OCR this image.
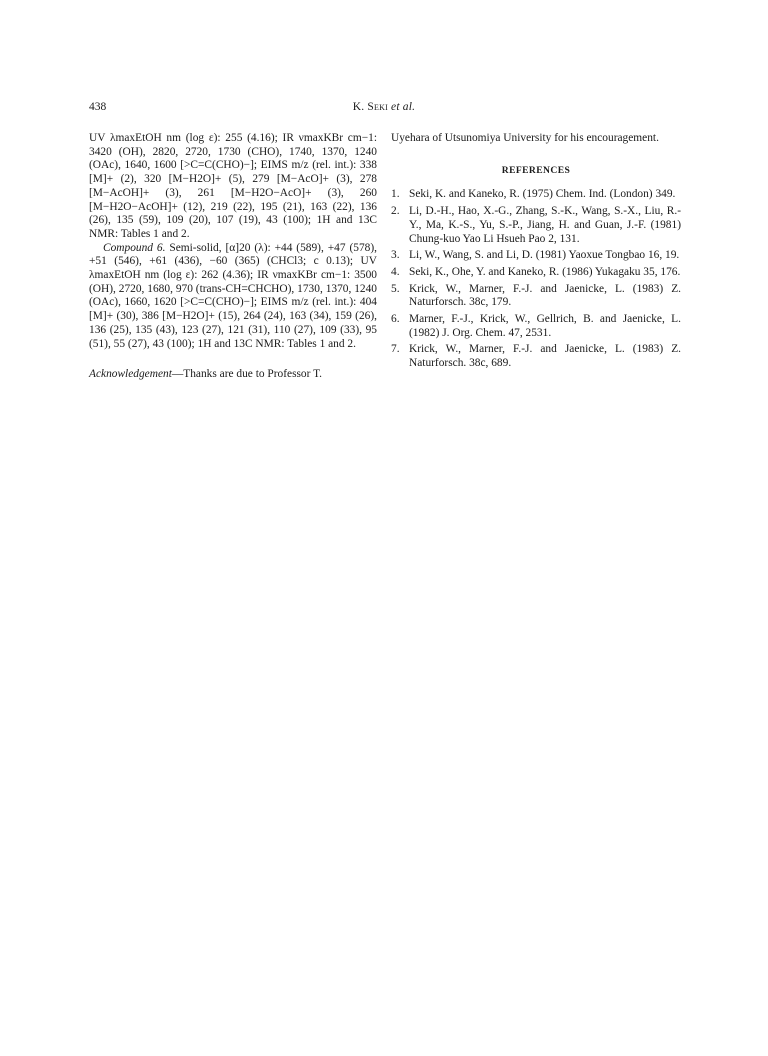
438	K. Seki et al.

UV λmaxEtOH nm (log ε): 255 (4.16); IR νmaxKBr cm−1: 3420 (OH), 2820, 2720, 1730 (CHO), 1740, 1370, 1240 (OAc), 1640, 1600 [>C=C(CHO)−]; EIMS m/z (rel. int.): 338 [M]+ (2), 320 [M−H2O]+ (5), 279 [M−AcO]+ (3), 278 [M−AcOH]+ (3), 261 [M−H2O−AcO]+ (3), 260 [M−H2O−AcOH]+ (12), 219 (22), 195 (21), 163 (22), 136 (26), 135 (59), 109 (20), 107 (19), 43 (100); 1H and 13C NMR: Tables 1 and 2.

Compound 6. Semi-solid, [α]20 (λ): +44 (589), +47 (578), +51 (546), +61 (436), −60 (365) (CHCl3; c 0.13); UV λmaxEtOH nm (log ε): 262 (4.36); IR νmaxKBr cm−1: 3500 (OH), 2720, 1680, 970 (trans-CH=CHCHO), 1730, 1370, 1240 (OAc), 1660, 1620 [>C=C(CHO)−]; EIMS m/z (rel. int.): 404 [M]+ (30), 386 [M−H2O]+ (15), 264 (24), 163 (34), 159 (26), 136 (25), 135 (43), 123 (27), 121 (31), 110 (27), 109 (33), 95 (51), 55 (27), 43 (100); 1H and 13C NMR: Tables 1 and 2.

Acknowledgement—Thanks are due to Professor T.

Uyehara of Utsunomiya University for his encouragement.

REFERENCES
1. Seki, K. and Kaneko, R. (1975) Chem. Ind. (London) 349.
2. Li, D.-H., Hao, X.-G., Zhang, S.-K., Wang, S.-X., Liu, R.-Y., Ma, K.-S., Yu, S.-P., Jiang, H. and Guan, J.-F. (1981) Chung-kuo Yao Li Hsueh Pao 2, 131.
3. Li, W., Wang, S. and Li, D. (1981) Yaoxue Tongbao 16, 19.
4. Seki, K., Ohe, Y. and Kaneko, R. (1986) Yukagaku 35, 176.
5. Krick, W., Marner, F.-J. and Jaenicke, L. (1983) Z. Naturforsch. 38c, 179.
6. Marner, F.-J., Krick, W., Gellrich, B. and Jaenicke, L. (1982) J. Org. Chem. 47, 2531.
7. Krick, W., Marner, F.-J. and Jaenicke, L. (1983) Z. Naturforsch. 38c, 689.
